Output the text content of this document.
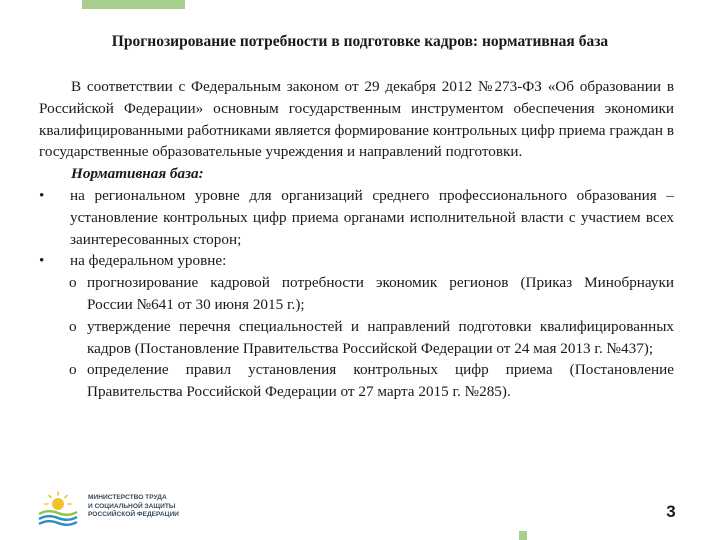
Прогнозирование потребности в подготовке кадров: нормативная база

В соответствии с Федеральным законом от 29 декабря 2012 №273-ФЗ «Об образовании в Российской Федерации» основным государственным инструментом обеспечения экономики квалифицированными работниками является формирование контрольных цифр приема граждан в государственные образовательные учреждения и направлений подготовки.

Нормативная база:

•	на региональном уровне для организаций среднего профессионального образования – установление контрольных цифр приема органами исполнительной власти с участием всех заинтересованных сторон;

•	на федеральном уровне:

o прогнозирование кадровой потребности экономик регионов (Приказ Минобрнауки России №641 от 30 июня 2015 г.);

o утверждение перечня специальностей и направлений подготовки квалифицированных кадров (Постановление Правительства Российской Федерации от 24 мая 2013 г. №437);

o определение правил установления контрольных цифр приема (Постановление Правительства Российской Федерации от 27 марта 2015 г. №285).

МИНИСТЕРСТВО ТРУДА
И СОЦИАЛЬНОЙ ЗАЩИТЫ
РОССИЙСКОЙ ФЕДЕРАЦИИ	3
